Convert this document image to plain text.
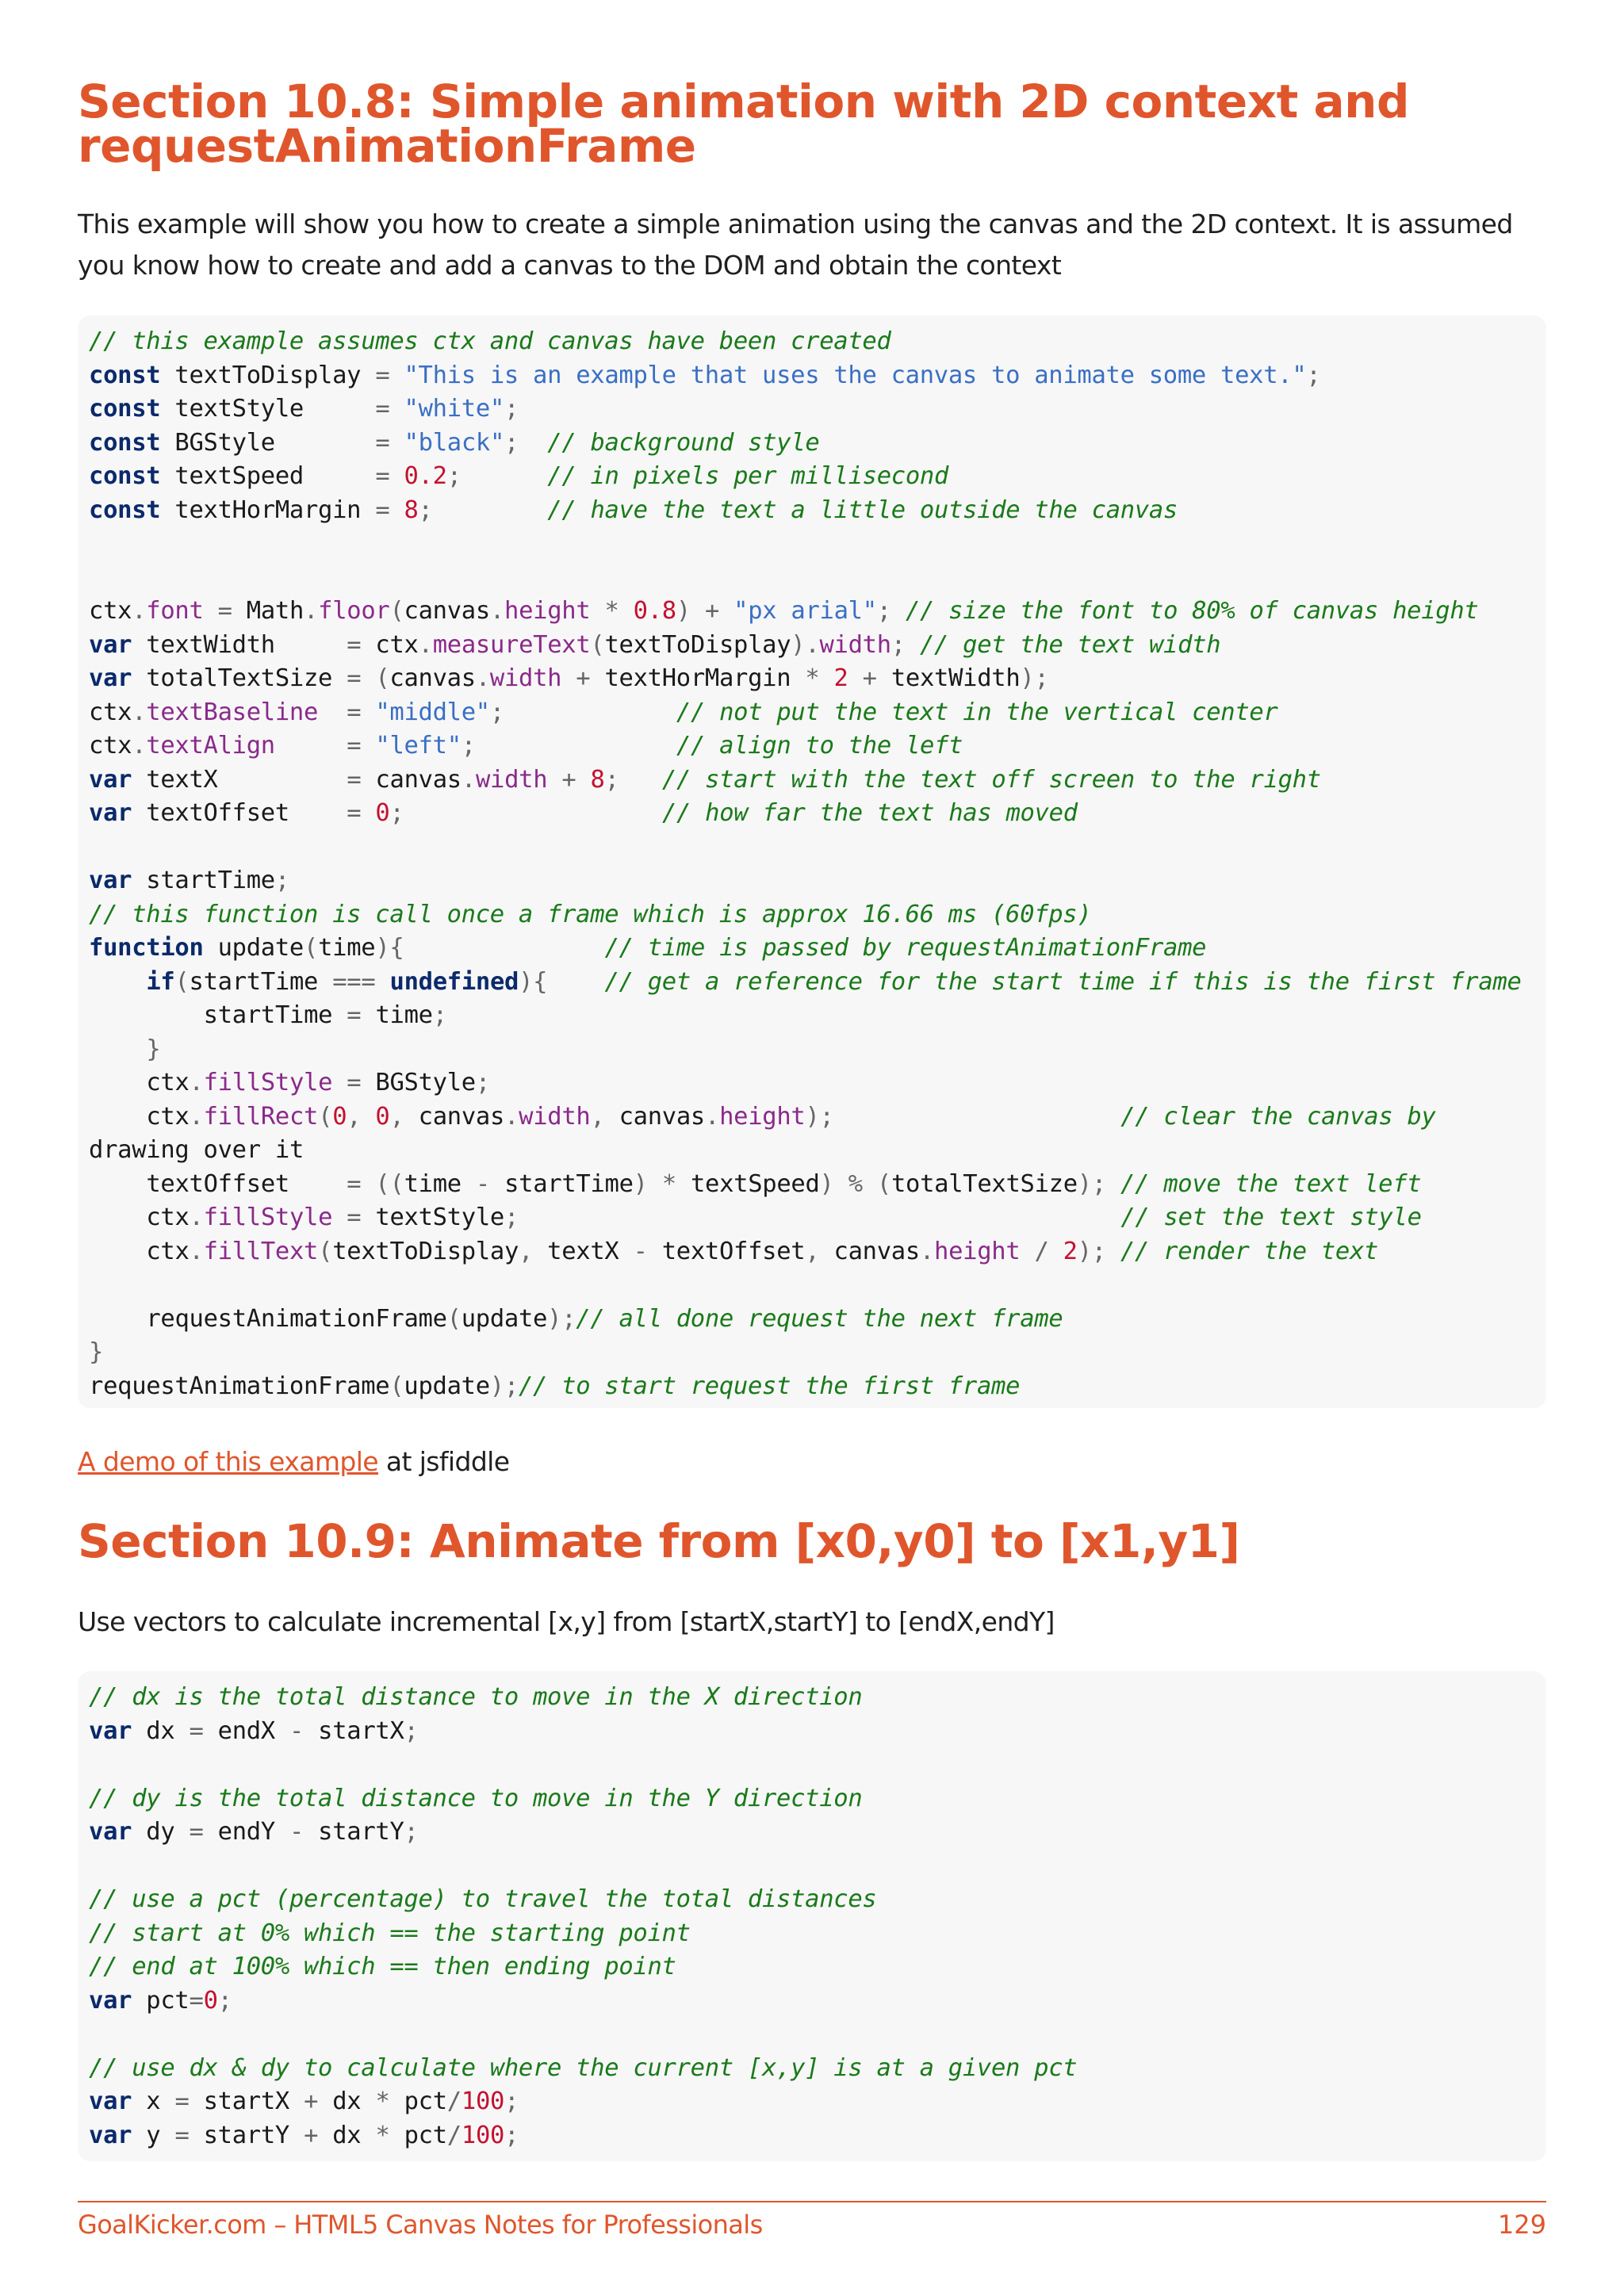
Section 10.8: Simple animation with 2D context and requestAnimationFrame

This example will show you how to create a simple animation using the canvas and the 2D context. It is assumed you know how to create and add a canvas to the DOM and obtain the context

// this example assumes ctx and canvas have been created
const textToDisplay = "This is an example that uses the canvas to animate some text.";
const textStyle	= "white";
const BGStyle	= "black"; // background style
const textSpeed	= 0.2;	// in pixels per millisecond
const textHorMargin = 8;	// have the text a little outside the canvas

ctx.font = Math.floor(canvas.height * 0.8) + "px arial"; // size the font to 80% of canvas height
var textWidth	= ctx.measureText(textToDisplay).width; // get the text width
var totalTextSize = (canvas.width + textHorMargin * 2 + textWidth);
ctx.textBaseline = "middle";	// not put the text in the vertical center
ctx.textAlign	= "left";	// align to the left
var textX	= canvas.width + 8; // start with the text off screen to the right
var textOffset = 0;	// how far the text has moved

var startTime;
// this function is call once a frame which is approx 16.66 ms (60fps)
function update(time){	// time is passed by requestAnimationFrame
if(startTime === undefined){ // get a reference for the start time if this is the first frame
startTime = time;
}
ctx.fillStyle = BGStyle;
ctx.fillRect(0, 0, canvas.width, canvas.height);	// clear the canvas by
drawing over it
textOffset = ((time - startTime) * textSpeed) % (totalTextSize); // move the text left
ctx.fillStyle = textStyle;	// set the text style
ctx.fillText(textToDisplay, textX - textOffset, canvas.height / 2); // render the text

requestAnimationFrame(update);// all done request the next frame
}
requestAnimationFrame(update);// to start request the first frame

A demo of this example at jsfiddle

Section 10.9: Animate from [x0,y0] to [x1,y1]

Use vectors to calculate incremental [x,y] from [startX,startY] to [endX,endY]

// dx is the total distance to move in the X direction
var dx = endX - startX;

// dy is the total distance to move in the Y direction
var dy = endY - startY;

// use a pct (percentage) to travel the total distances
// start at 0% which == the starting point
// end at 100% which == then ending point
var pct=0;

// use dx & dy to calculate where the current [x,y] is at a given pct
var x = startX + dx * pct/100;
var y = startY + dx * pct/100;
GoalKicker.com – HTML5 Canvas Notes for Professionals	129
